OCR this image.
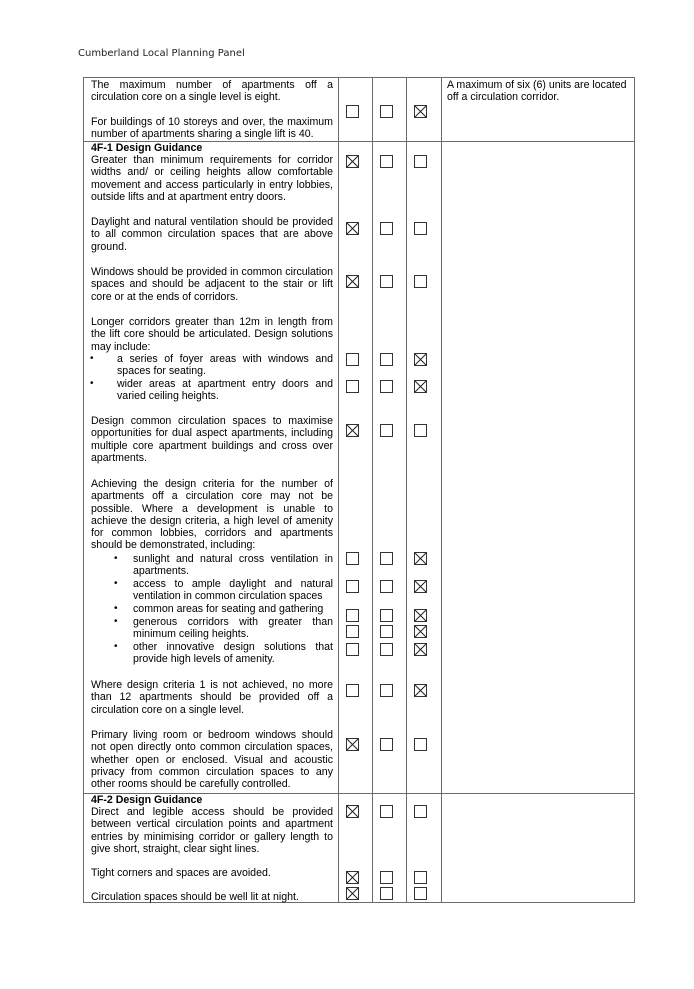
Cumberland Local Planning Panel
The maximum number of apartments off a circulation core on a single level is eight.
For buildings of 10 storeys and over, the maximum number of apartments sharing a single lift is 40.
A maximum of six (6) units are located off a circulation corridor.
4F-1 Design Guidance
Greater than minimum requirements for corridor widths and/ or ceiling heights allow comfortable movement and access particularly in entry lobbies, outside lifts and at apartment entry doors.
Daylight and natural ventilation should be provided to all common circulation spaces that are above ground.
Windows should be provided in common circulation spaces and should be adjacent to the stair or lift core or at the ends of corridors.
Longer corridors greater than 12m in length from the lift core should be articulated. Design solutions may include:
• a series of foyer areas with windows and spaces for seating.
• wider areas at apartment entry doors and varied ceiling heights.
Design common circulation spaces to maximise opportunities for dual aspect apartments, including multiple core apartment buildings and cross over apartments.
Achieving the design criteria for the number of apartments off a circulation core may not be possible. Where a development is unable to achieve the design criteria, a high level of amenity for common lobbies, corridors and apartments should be demonstrated, including:
• sunlight and natural cross ventilation in apartments.
• access to ample daylight and natural ventilation in common circulation spaces
• common areas for seating and gathering
• generous corridors with greater than minimum ceiling heights.
• other innovative design solutions that provide high levels of amenity.
Where design criteria 1 is not achieved, no more than 12 apartments should be provided off a circulation core on a single level.
Primary living room or bedroom windows should not open directly onto common circulation spaces, whether open or enclosed. Visual and acoustic privacy from common circulation spaces to any other rooms should be carefully controlled.
4F-2 Design Guidance
Direct and legible access should be provided between vertical circulation points and apartment entries by minimising corridor or gallery length to give short, straight, clear sight lines.
Tight corners and spaces are avoided.
Circulation spaces should be well lit at night.
